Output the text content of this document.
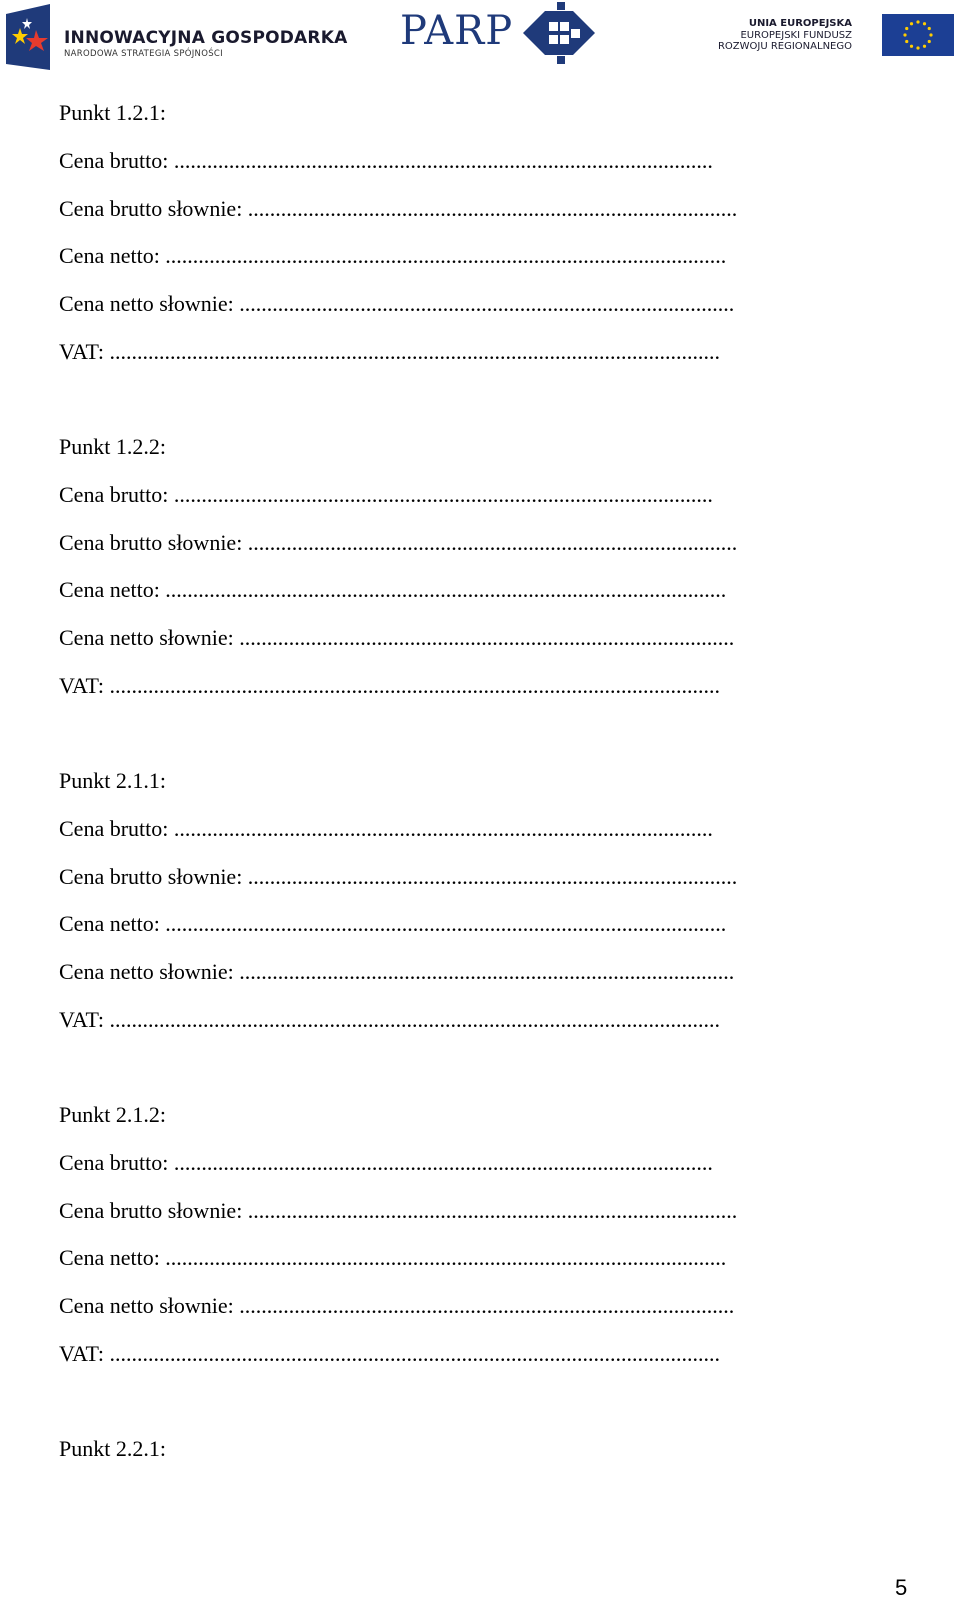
INNOWACYJNA GOSPODARKA
NARODOWA STRATEGIA SPÓJNOŚCI	PARP	UNIA EUROPEJSKA
EUROPEJSKI FUNDUSZ
ROZWOJU REGIONALNEGO
Punkt 1.2.1:
Cena brutto: ..................................................................................................
Cena brutto słownie: .........................................................................................
Cena netto: ......................................................................................................
Cena netto słownie: ..........................................................................................
VAT: ...............................................................................................................
Punkt 1.2.2:
Cena brutto: ..................................................................................................
Cena brutto słownie: .........................................................................................
Cena netto: ......................................................................................................
Cena netto słownie: ..........................................................................................
VAT: ...............................................................................................................
Punkt 2.1.1:
Cena brutto: ..................................................................................................
Cena brutto słownie: .........................................................................................
Cena netto: ......................................................................................................
Cena netto słownie: ..........................................................................................
VAT: ...............................................................................................................
Punkt 2.1.2:
Cena brutto: ..................................................................................................
Cena brutto słownie: .........................................................................................
Cena netto: ......................................................................................................
Cena netto słownie: ..........................................................................................
VAT: ...............................................................................................................
Punkt 2.2.1:
5
